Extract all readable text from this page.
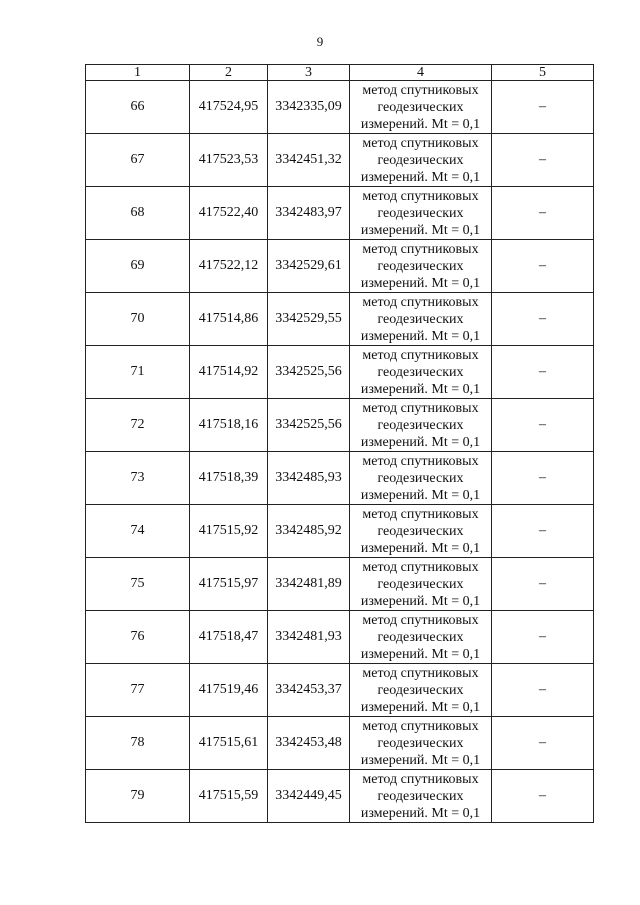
9
1	2	3	4	5
66	417524,95	3342335,09	метод спутниковых
геодезических
измерений. Mt = 0,1	–
67	417523,53	3342451,32	метод спутниковых
геодезических
измерений. Mt = 0,1	–
68	417522,40	3342483,97	метод спутниковых
геодезических
измерений. Mt = 0,1	–
69	417522,12	3342529,61	метод спутниковых
геодезических
измерений. Mt = 0,1	–
70	417514,86	3342529,55	метод спутниковых
геодезических
измерений. Mt = 0,1	–
71	417514,92	3342525,56	метод спутниковых
геодезических
измерений. Mt = 0,1	–
72	417518,16	3342525,56	метод спутниковых
геодезических
измерений. Mt = 0,1	–
73	417518,39	3342485,93	метод спутниковых
геодезических
измерений. Mt = 0,1	–
74	417515,92	3342485,92	метод спутниковых
геодезических
измерений. Mt = 0,1	–
75	417515,97	3342481,89	метод спутниковых
геодезических
измерений. Mt = 0,1	–
76	417518,47	3342481,93	метод спутниковых
геодезических
измерений. Mt = 0,1	–
77	417519,46	3342453,37	метод спутниковых
геодезических
измерений. Mt = 0,1	–
78	417515,61	3342453,48	метод спутниковых
геодезических
измерений. Mt = 0,1	–
79	417515,59	3342449,45	метод спутниковых
геодезических
измерений. Mt = 0,1	–
